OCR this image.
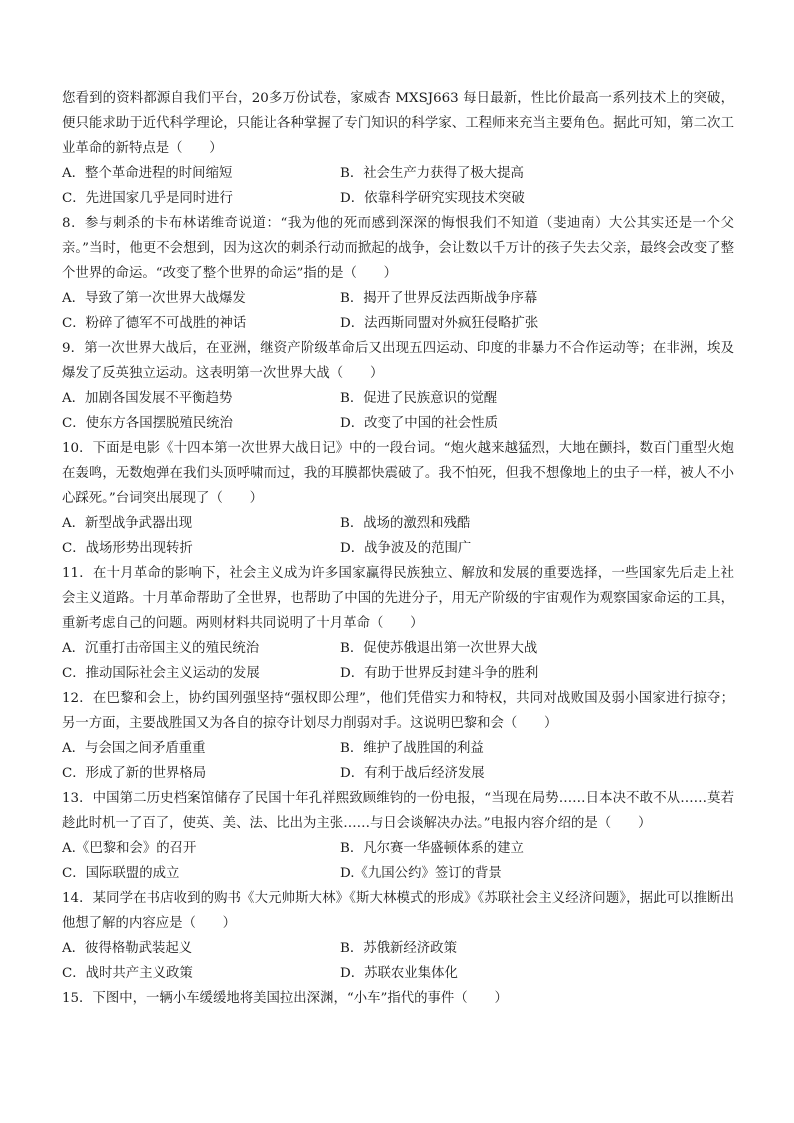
您看到的资料都源自我们平台，20多万份试卷，家威杏 MXSJ663 每日最新，性比价最高一系列技术上的突破，便只能求助于近代科学理论，只能让各种掌握了专门知识的科学家、工程师来充当主要角色。据此可知，第二次工业革命的新特点是（　　）

A．整个革命进程的时间缩短	B．社会生产力获得了极大提高
C．先进国家几乎是同时进行	D．依靠科学研究实现技术突破

8．参与刺杀的卡布林诺维奇说道：“我为他的死而感到深深的悔恨我们不知道（斐迪南）大公其实还是一个父亲。”当时，他更不会想到，因为这次的刺杀行动而掀起的战争，会让数以千万计的孩子失去父亲，最终会改变了整个世界的命运。“改变了整个世界的命运”指的是（　　）

A．导致了第一次世界大战爆发	B．揭开了世界反法西斯战争序幕
C．粉碎了德军不可战胜的神话	D．法西斯同盟对外疯狂侵略扩张

9．第一次世界大战后，在亚洲，继资产阶级革命后又出现五四运动、印度的非暴力不合作运动等；在非洲，埃及爆发了反英独立运动。这表明第一次世界大战（　　）

A．加剧各国发展不平衡趋势	B．促进了民族意识的觉醒
C．使东方各国摆脱殖民统治	D．改变了中国的社会性质

10．下面是电影《十四本第一次世界大战日记》中的一段台词。“炮火越来越猛烈，大地在颤抖，数百门重型火炮在轰鸣，无数炮弹在我们头顶呼啸而过，我的耳膜都快震破了。我不怕死，但我不想像地上的虫子一样，被人不小心踩死。”台词突出展现了（　　）

A．新型战争武器出现	B．战场的激烈和残酷
C．战场形势出现转折	D．战争波及的范围广

11．在十月革命的影响下，社会主义成为许多国家赢得民族独立、解放和发展的重要选择，一些国家先后走上社会主义道路。十月革命帮助了全世界，也帮助了中国的先进分子，用无产阶级的宇宙观作为观察国家命运的工具，重新考虑自己的问题。两则材料共同说明了十月革命（　　）

A．沉重打击帝国主义的殖民统治	B．促使苏俄退出第一次世界大战
C．推动国际社会主义运动的发展	D．有助于世界反封建斗争的胜利

12．在巴黎和会上，协约国列强坚持“强权即公理”，他们凭借实力和特权，共同对战败国及弱小国家进行掠夺；另一方面，主要战胜国又为各自的掠夺计划尽力削弱对手。这说明巴黎和会（　　）

A．与会国之间矛盾重重	B．维护了战胜国的利益
C．形成了新的世界格局	D．有利于战后经济发展

13．中国第二历史档案馆储存了民国十年孔祥熙致顾维钧的一份电报，“当现在局势……日本决不敢不从……莫若趁此时机一了百了，使英、美、法、比出为主张……与日会谈解决办法。”电报内容介绍的是（　　）

A.《巴黎和会》的召开	B．凡尔赛一华盛顿体系的建立
C．国际联盟的成立	D.《九国公约》签订的背景

14．某同学在书店收到的购书《大元帅斯大林》《斯大林模式的形成》《苏联社会主义经济问题》，据此可以推断出他想了解的内容应是（　　）

A．彼得格勒武装起义	B．苏俄新经济政策
C．战时共产主义政策	D．苏联农业集体化

15．下图中，一辆小车缓缓地将美国拉出深渊，“小车”指代的事件（　　）
